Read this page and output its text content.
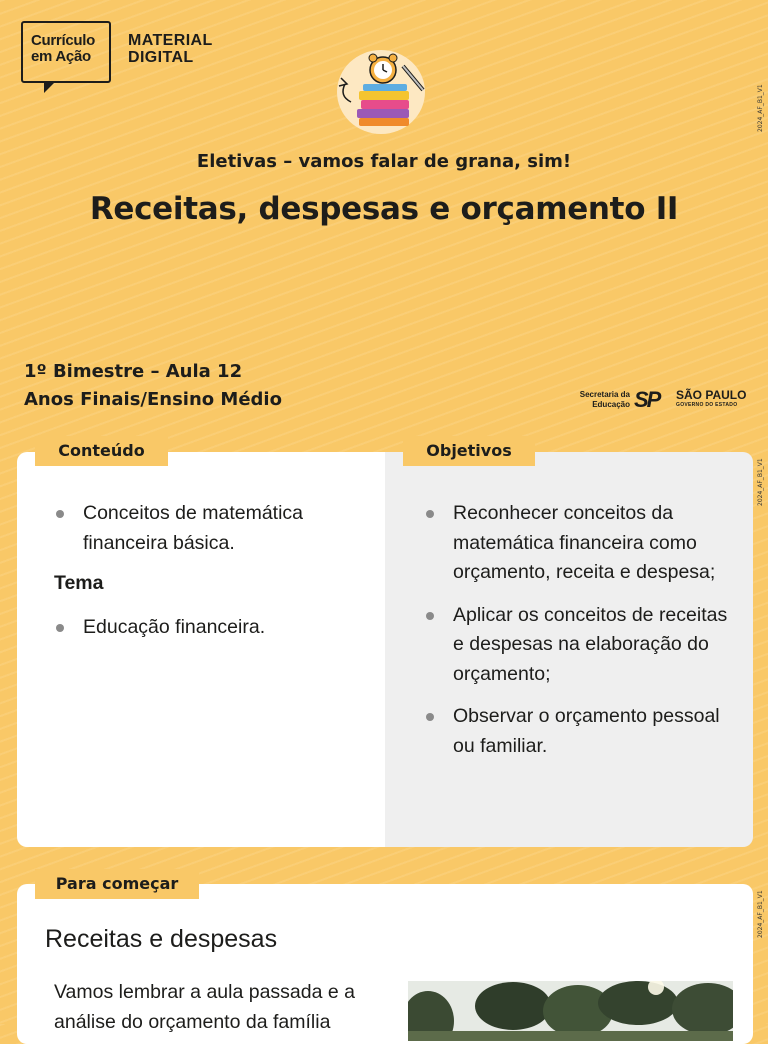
Currículo
em Ação
MATERIAL
DIGITAL
2024_AF_B1_V1
2024_AF_B1_V1
2024_AF_B1_V1
Eletivas – vamos falar de grana, sim!
Receitas, despesas e orçamento II
1º Bimestre – Aula 12
Anos Finais/Ensino Médio	Secretaria da
Educação SP SÃO PAULO
GOVERNO DO ESTADO
Conteúdo	Objetivos
Conceitos de matemática financeira básica.
Tema
Educação financeira.
Reconhecer conceitos da matemática financeira como orçamento, receita e despesa;
Aplicar os conceitos de receitas e despesas na elaboração do orçamento;
Observar o orçamento pessoal ou familiar.
Para começar
Receitas e despesas
Vamos lembrar a aula passada e a análise do orçamento da família
